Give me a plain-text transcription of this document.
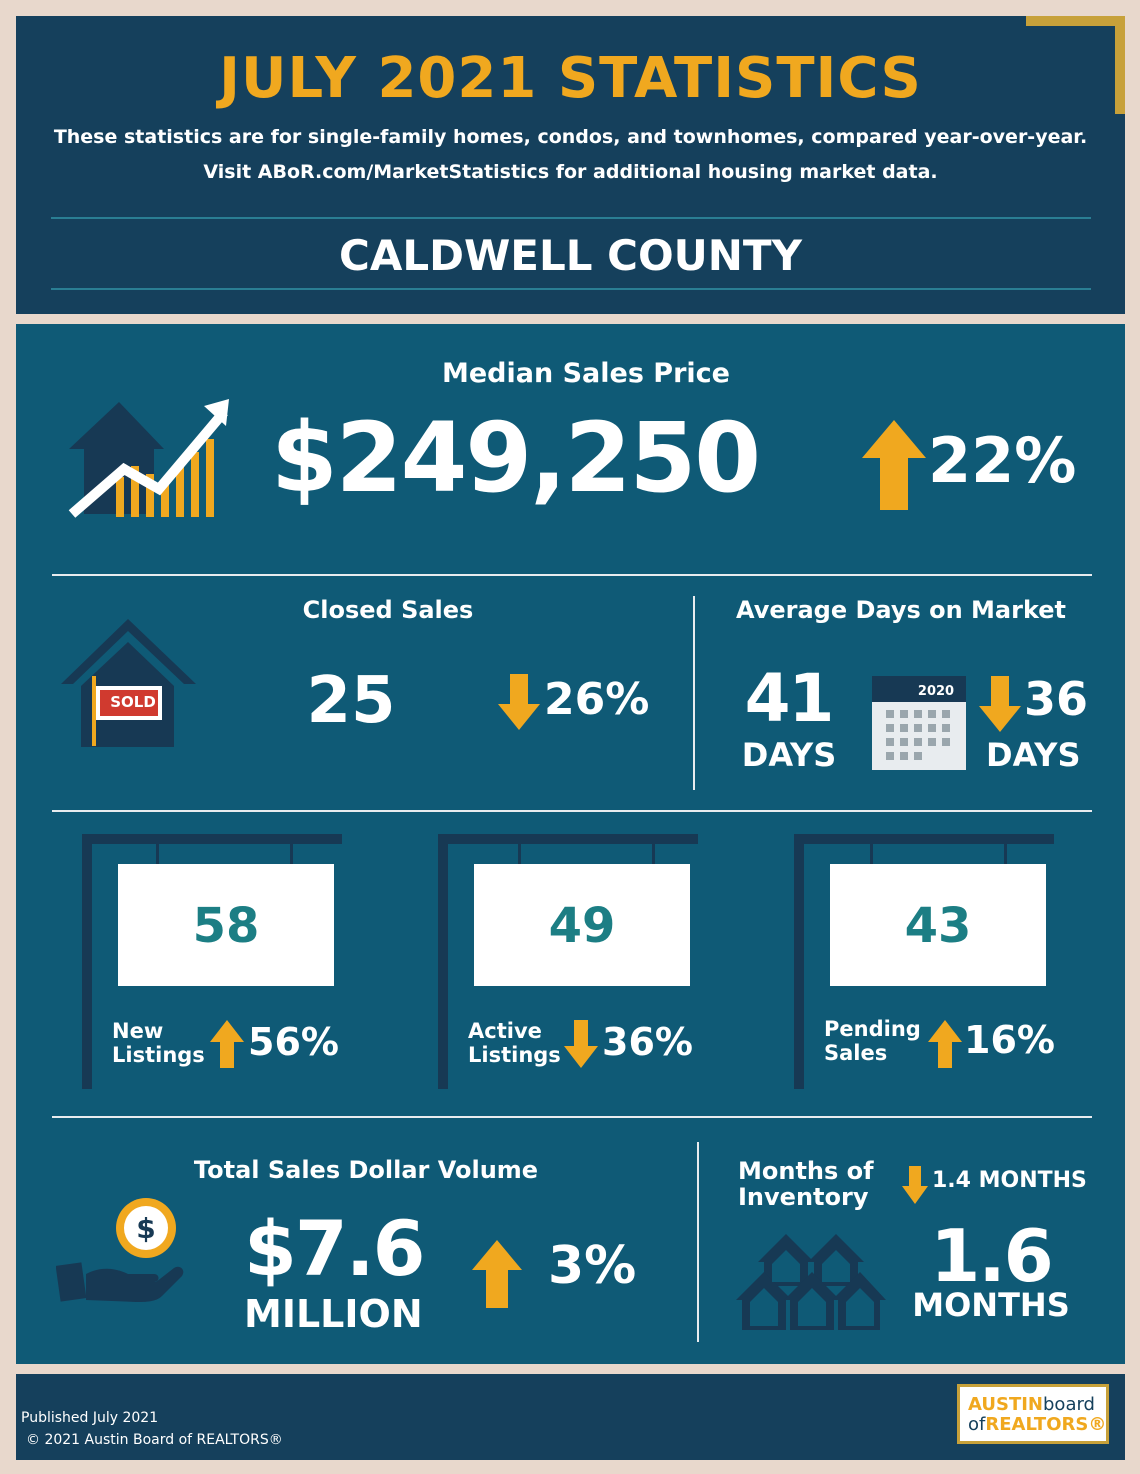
JULY 2021 STATISTICS
These statistics are for single-family homes, condos, and townhomes, compared year-over-year.
Visit ABoR.com/MarketStatistics for additional housing market data.
CALDWELL COUNTY
Median Sales Price
$249,250	22%
Closed Sales
SOLD	25	26%
Average Days on Market
41
DAYS
2020 36
DAYS
58
New
Listings 56%
49
Active
Listings 36%
43
Pending
Sales	16%
Total Sales Dollar Volume
$ $7.6
MILLION
3%
Months of
Inventory
1.4 MONTHS
1.6
MONTHS
Published July 2021
© 2021 Austin Board of REALTORS®
AUSTINboard
ofREALTORS®
